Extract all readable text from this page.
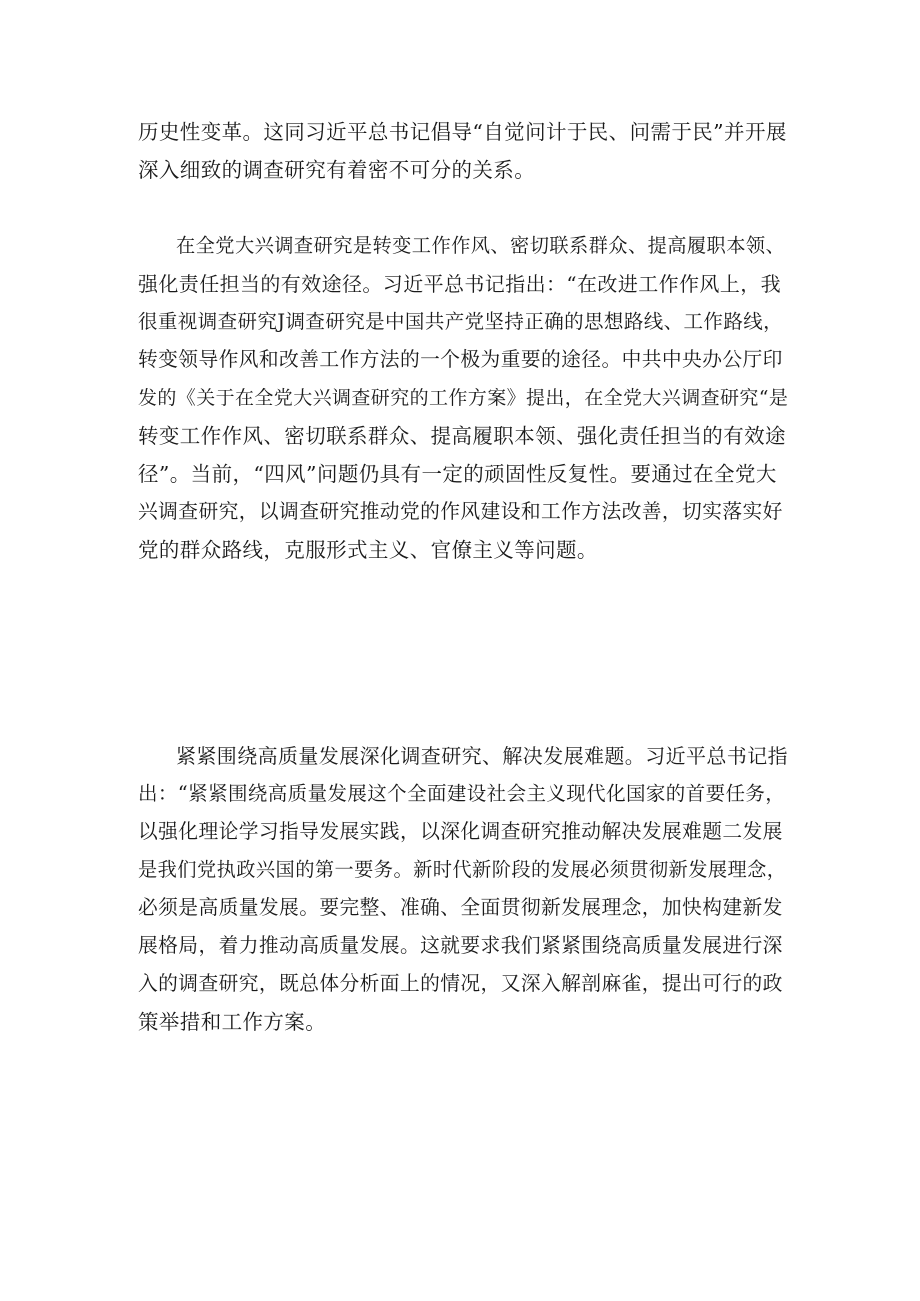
历史性变革。这同习近平总书记倡导“自觉问计于民、问需于民”并开展
深入细致的调查研究有着密不可分的关系。
在全党大兴调查研究是转变工作作风、密切联系群众、提高履职本领、
强化责任担当的有效途径。习近平总书记指出：“在改进工作作风上，我
很重视调查研究J调查研究是中国共产党坚持正确的思想路线、工作路线，
转变领导作风和改善工作方法的一个极为重要的途径。中共中央办公厅印
发的《关于在全党大兴调查研究的工作方案》提出，在全党大兴调查研究“是
转变工作作风、密切联系群众、提高履职本领、强化责任担当的有效途
径”。当前，“四风”问题仍具有一定的顽固性反复性。要通过在全党大
兴调查研究，以调查研究推动党的作风建设和工作方法改善，切实落实好
党的群众路线，克服形式主义、官僚主义等问题。
紧紧围绕高质量发展深化调查研究、解决发展难题。习近平总书记指
出：“紧紧围绕高质量发展这个全面建设社会主义现代化国家的首要任务，
以强化理论学习指导发展实践，以深化调查研究推动解决发展难题二发展
是我们党执政兴国的第一要务。新时代新阶段的发展必须贯彻新发展理念，
必须是高质量发展。要完整、准确、全面贯彻新发展理念，加快构建新发
展格局，着力推动高质量发展。这就要求我们紧紧围绕高质量发展进行深
入的调查研究，既总体分析面上的情况，又深入解剖麻雀，提出可行的政
策举措和工作方案。
